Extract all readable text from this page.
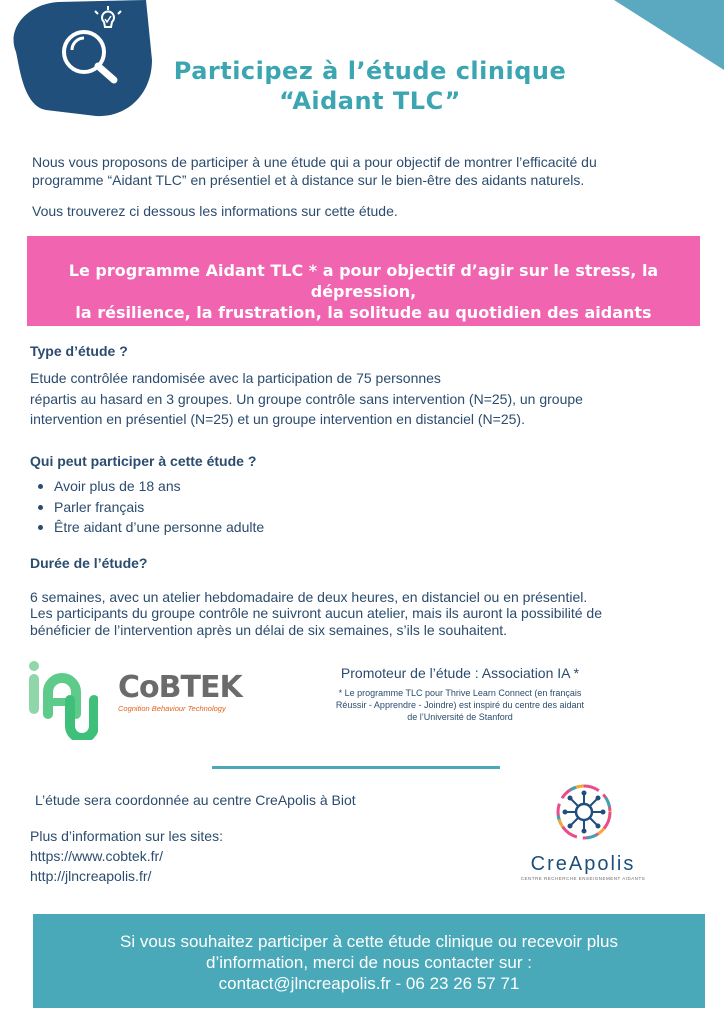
Participez à l’étude clinique
“Aidant TLC”
Nous vous proposons de participer à une étude qui a pour objectif de montrer l’efficacité du
programme “Aidant TLC” en présentiel et à distance sur le bien-être des aidants naturels.
Vous trouverez ci dessous les informations sur cette étude.
Le programme Aidant TLC * a pour objectif d’agir sur le stress, la dépression,
la résilience, la frustration, la solitude au quotidien des aidants
Type d’étude ?
Etude contrôlée randomisée avec la participation de 75 personnes
répartis au hasard en 3 groupes. Un groupe contrôle sans intervention (N=25), un groupe
intervention en présentiel (N=25) et un groupe intervention en distanciel (N=25).
Qui peut participer à cette étude ?
Avoir plus de 18 ans
Parler français
Être aidant d’une personne adulte
Durée de l’étude?
6 semaines, avec un atelier hebdomadaire de deux heures, en distanciel ou en présentiel.
Les participants du groupe contrôle ne suivront aucun atelier, mais ils auront la possibilité de
bénéficier de l’intervention après un délai de six semaines, s’ils le souhaitent.
iA
CoBTEK
Cognition Behaviour Technology
Promoteur de l’étude : Association IA *
* Le programme TLC pour Thrive Learn Connect (en français
Réussir - Apprendre - Joindre) est inspiré du centre des aidant
de l’Université de Stanford
L’étude sera coordonnée au centre CreApolis à Biot
Plus d’information sur les sites:
https://www.cobtek.fr/
http://jlncreapolis.fr/
CreApolis
CENTRE RECHERCHE ENSEIGNEMENT AIDANTS
Si vous souhaitez participer à cette étude clinique ou recevoir plus
d’information, merci de nous contacter sur :
contact@jlncreapolis.fr - 06 23 26 57 71
